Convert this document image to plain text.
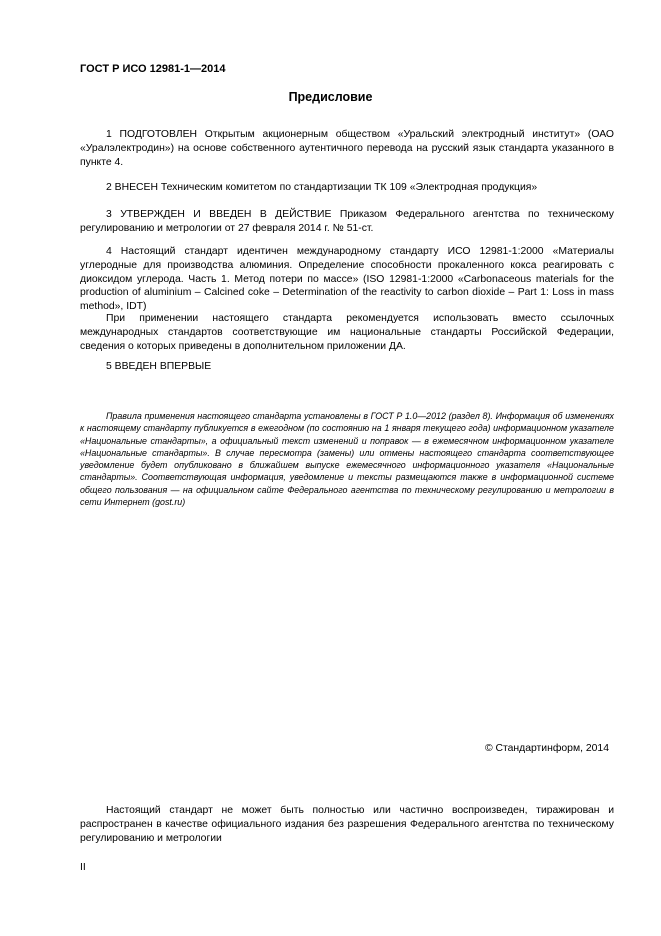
ГОСТ Р ИСО 12981-1—2014
Предисловие
1 ПОДГОТОВЛЕН Открытым акционерным обществом «Уральский электродный институт» (ОАО «Уралэлектродин») на основе собственного аутентичного перевода на русский язык стандарта указанного в пункте 4.
2 ВНЕСЕН Техническим комитетом по стандартизации ТК 109 «Электродная продукция»
3 УТВЕРЖДЕН И ВВЕДЕН В ДЕЙСТВИЕ Приказом Федерального агентства по техническому регулированию и метрологии от 27 февраля 2014 г. № 51-ст.
4 Настоящий стандарт идентичен международному стандарту ИСО 12981-1:2000 «Материалы углеродные для производства алюминия. Определение способности прокаленного кокса реагировать с диоксидом углерода. Часть 1. Метод потери по массе» (ISO 12981-1:2000 «Carbonaceous materials for the production of aluminium – Calcined coke – Determination of the reactivity to carbon dioxide – Part 1: Loss in mass method», IDT)
При применении настоящего стандарта рекомендуется использовать вместо ссылочных международных стандартов соответствующие им национальные стандарты Российской Федерации, сведения о которых приведены в дополнительном приложении ДА.
5 ВВЕДЕН ВПЕРВЫЕ
Правила применения настоящего стандарта установлены в ГОСТ Р 1.0—2012 (раздел 8). Информация об изменениях к настоящему стандарту публикуется в ежегодном (по состоянию на 1 января текущего года) информационном указателе «Национальные стандарты», а официальный текст изменений и поправок — в ежемесячном информационном указателе «Национальные стандарты». В случае пересмотра (замены) или отмены настоящего стандарта соответствующее уведомление будет опубликовано в ближайшем выпуске ежемесячного информационного указателя «Национальные стандарты». Соответствующая информация, уведомление и тексты размещаются также в информационной системе общего пользования — на официальном сайте Федерального агентства по техническому регулированию и метрологии в сети Интернет (gost.ru)
© Стандартинформ, 2014
Настоящий стандарт не может быть полностью или частично воспроизведен, тиражирован и распространен в качестве официального издания без разрешения Федерального агентства по техническому регулированию и метрологии
II
